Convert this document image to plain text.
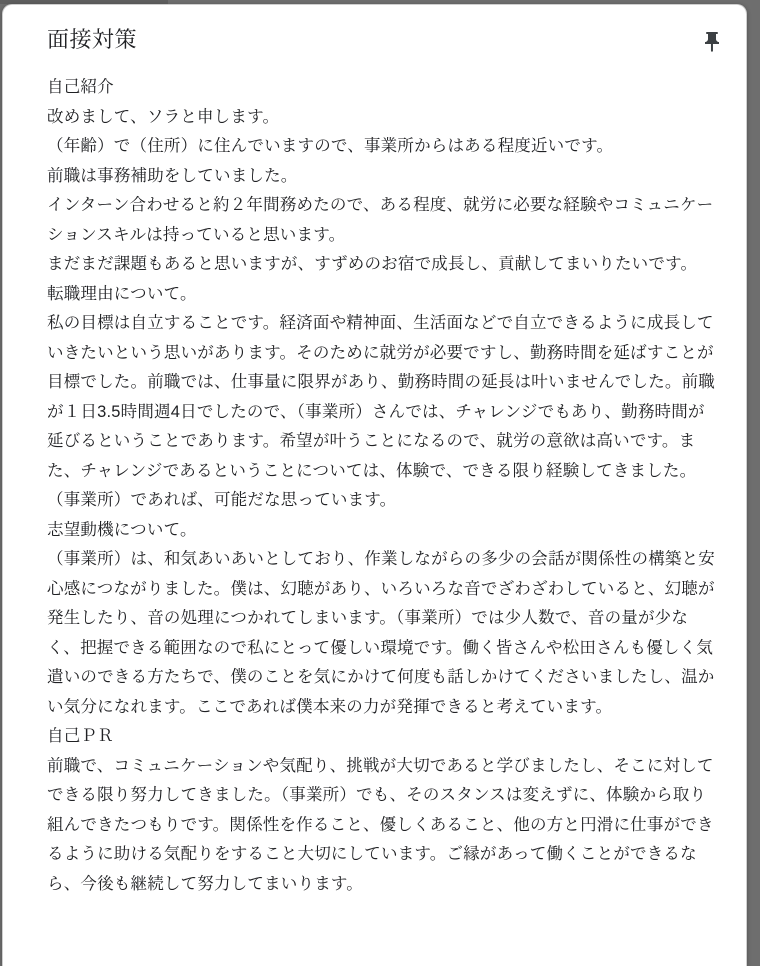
面接対策

自己紹介

改めまして、ソラと申します。

（年齢）で（住所）に住んでいますので、事業所からはある程度近いです。

前職は事務補助をしていました。

インターン合わせると約２年間務めたので、ある程度、就労に必要な経験やコミュニケーションスキルは持っていると思います。

まだまだ課題もあると思いますが、すずめのお宿で成長し、貢献してまいりたいです。

転職理由について。

私の目標は自立することです。経済面や精神面、生活面などで自立できるように成長していきたいという思いがあります。そのために就労が必要ですし、勤務時間を延ばすことが目標でした。前職では、仕事量に限界があり、勤務時間の延長は叶いませんでした。前職が１日3.5時間週4日でしたので、（事業所）さんでは、チャレンジでもあり、勤務時間が延びるということであります。希望が叶うことになるので、就労の意欲は高いです。また、チャレンジであるということについては、体験で、できる限り経験してきました。（事業所）であれば、可能だな思っています。

志望動機について。

（事業所）は、和気あいあいとしており、作業しながらの多少の会話が関係性の構築と安心感につながりました。僕は、幻聴があり、いろいろな音でざわざわしていると、幻聴が発生したり、音の処理につかれてしまいます。（事業所）では少人数で、音の量が少なく、把握できる範囲なので私にとって優しい環境です。働く皆さんや松田さんも優しく気遣いのできる方たちで、僕のことを気にかけて何度も話しかけてくださいましたし、温かい気分になれます。ここであれば僕本来の力が発揮できると考えています。

自己ＰＲ

前職で、コミュニケーションや気配り、挑戦が大切であると学びましたし、そこに対してできる限り努力してきました。（事業所）でも、そのスタンスは変えずに、体験から取り組んできたつもりです。関係性を作ること、優しくあること、他の方と円滑に仕事ができるように助ける気配りをすること大切にしています。ご縁があって働くことができるなら、今後も継続して努力してまいります。
